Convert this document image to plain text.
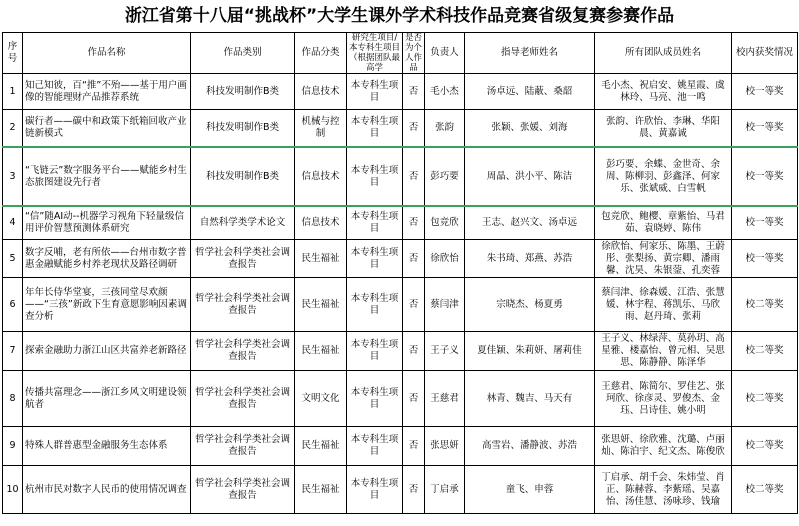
浙江省第十八届“挑战杯”大学生课外学术科技作品竞赛省级复赛参赛作品
序号	作品名称	作品类别	作品分类	研究生项目/本专科生项目（根据团队最高学	是否为个人作品	负责人	指导老师姓名	所有团队成员姓名	校内获奖情况
1	知己知彼，百“推”不殆——基于用户画像的智能理财产品推荐系统	科技发明制作B类	信息技术	本专科生项目	否	毛小杰	汤卓远、陆蔽、桑韶	毛小杰、祝启安、姚星霞、虞林玲、马亮、池一鸣	校一等奖
2	碳行者——碳中和政策下纸箱回收产业链新模式	科技发明制作B类	机械与控制	本专科生项目	否	张韵	张颖、张媛、刘海	张韵、许欣怡、李琳、华阳晨、黄嘉诚	校一等奖
3	“飞链云”数字服务平台——赋能乡村生态旅图建设先行者	科技发明制作B类	信息技术	本专科生项目	否	彭巧要	周晶、洪小平、陈洁	彭巧要、余蝶、金世奇、余周、陈柳羽、彭鑫泽、何家乐、张斌威、白雪帆	校一等奖
4	“信”随AI动--机器学习视角下轻量级信用评价智慧预测体系研究	自然科学类学术论文	信息技术	本专科生项目	否	包竞欣	王志、赵兴文、汤卓远	包竞欣、鲍樱、章紫怡、马君茹、袁晓婷、陈伟	校一等奖
5	数字反哺，老有所依——台州市数字普惠金融赋能乡村养老现状及路径调研	哲学社会科学类社会调查报告	民生福祉	本专科生项目	否	徐欣怡	朱书琦、郑燕、苏浩	徐欣怡、何家乐、陈墨、王蔚彤、张梨扬、黄宗卿、潘雨馨、沈昊、朱银蓥、孔奕蓉	校一等奖
6	年年长侍华堂宴，三孩同堂尽欢颜——“三孩”新政下生育意愿影响因素调查分析	哲学社会科学类社会调查报告	民生福祉	本专科生项目	否	蔡闫津	宗晓杰、杨夏勇	蔡闫津、徐森媛、江浩、张慧媛、林宇程、蒋凯乐、马欣雨、赵丹琦、张莉	校二等奖
7	探索金融助力浙江山区共富养老新路径	哲学社会科学类社会调查报告	民生福祉	本专科生项目	否	王子义	夏佳颖、朱莉妍、屠莉佳	王子义、林绿萍、莫孙玥、高星雅、楼嘉怡、曾元相、吴思思、陈静静、陈泽华	校二等奖
8	传播共富理念——浙江乡风文明建设领航者	哲学社会科学类社会调查报告	文明文化	本专科生项目	否	王慈君	林青、魏吉、马天有	王慈君、陈简尔、罗佳艺、张珂欣、徐彦灵、罗俊杰、金珏、吕诗佳、姚小明	校二等奖
9	特殊人群普惠型金融服务生态体系	哲学社会科学类社会调查报告	民生福祉	本专科生项目	否	张思妍	高雪岩、潘静波、苏浩	张思妍、徐欣雅、沈璐、卢丽灿、陈泊宇、纪文杰、陈俊欣	校二等奖
10	杭州市民对数字人民币的使用情况调查	哲学社会科学类社会调查报告	民生福祉	本专科生项目	否	丁启承	童飞、申蓉	丁启承、胡千会、朱炜莹、肖正、陈赫蓉、李紫瑶、吴嘉怡、汤佳慧、汤咏珍、钱瑜	校二等奖
